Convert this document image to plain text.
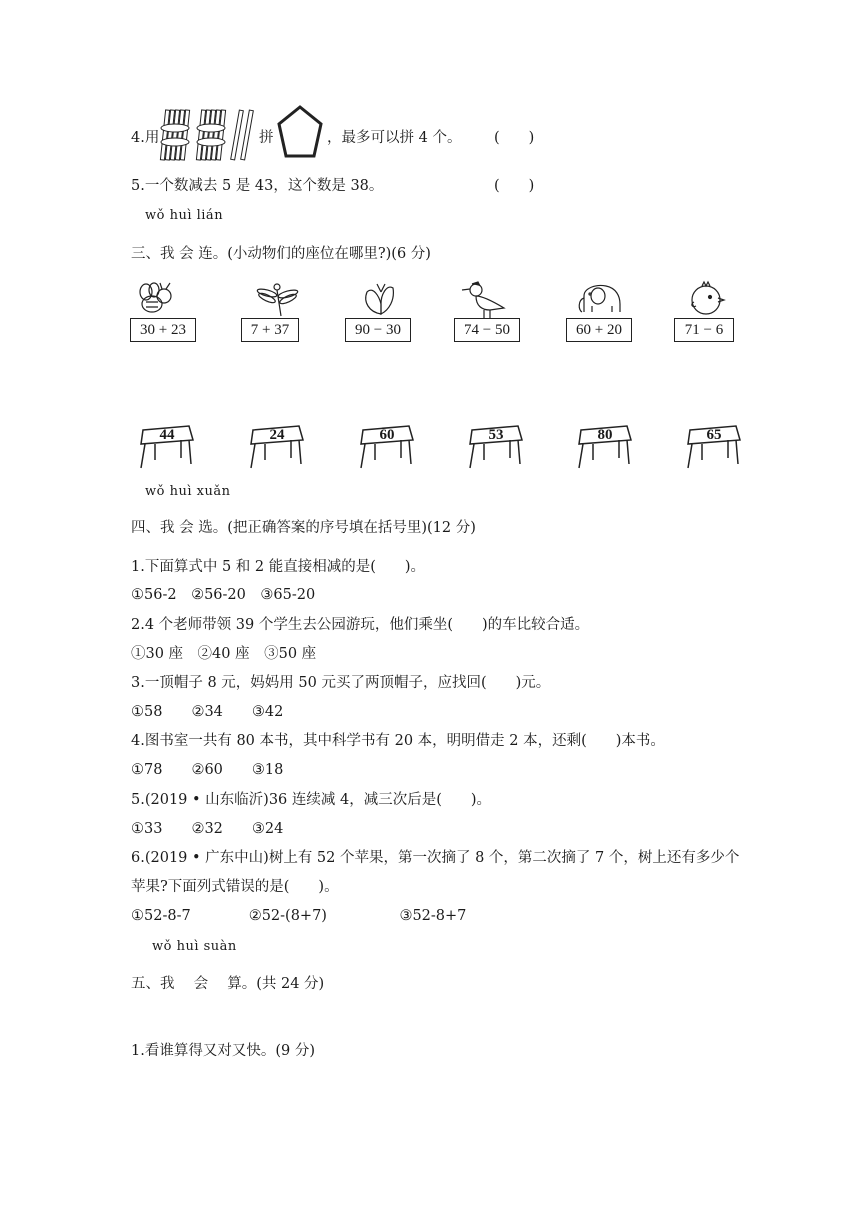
4.用	拼	，最多可以拼 4 个。 (　　)
5.一个数减去 5 是 43，这个数是 38。	(　　)
wǒ huì lián
三、我 会 连。(小动物们的座位在哪里?)(6 分)
30 + 23	7 + 37	90 − 30	74 − 50	60 + 20	71 − 6
44	24	60	53	80	65
wǒ huì xuǎn
四、我 会 选。(把正确答案的序号填在括号里)(12 分)
1.下面算式中 5 和 2 能直接相减的是(　　)。
①56-2　②56-20　③65-20
2.4 个老师带领 39 个学生去公园游玩，他们乘坐(　　)的车比较合适。
①30 座　②40 座　③50 座
3.一顶帽子 8 元，妈妈用 50 元买了两顶帽子，应找回(　　)元。
①58　　②34　　③42
4.图书室一共有 80 本书，其中科学书有 20 本，明明借走 2 本，还剩(　　)本书。
①78　　②60　　③18
5.(2019 • 山东临沂)36 连续减 4，减三次后是(　　)。
①33　　②32　　③24
6.(2019 • 广东中山)树上有 52 个苹果，第一次摘了 8 个，第二次摘了 7 个，树上还有多少个
苹果?下面列式错误的是(　　)。
①52-8-7　　　　②52-(8+7)　　　　　③52-8+7
wǒ huì suàn
五、我 　会 　算。(共 24 分)
1.看谁算得又对又快。(9 分)
